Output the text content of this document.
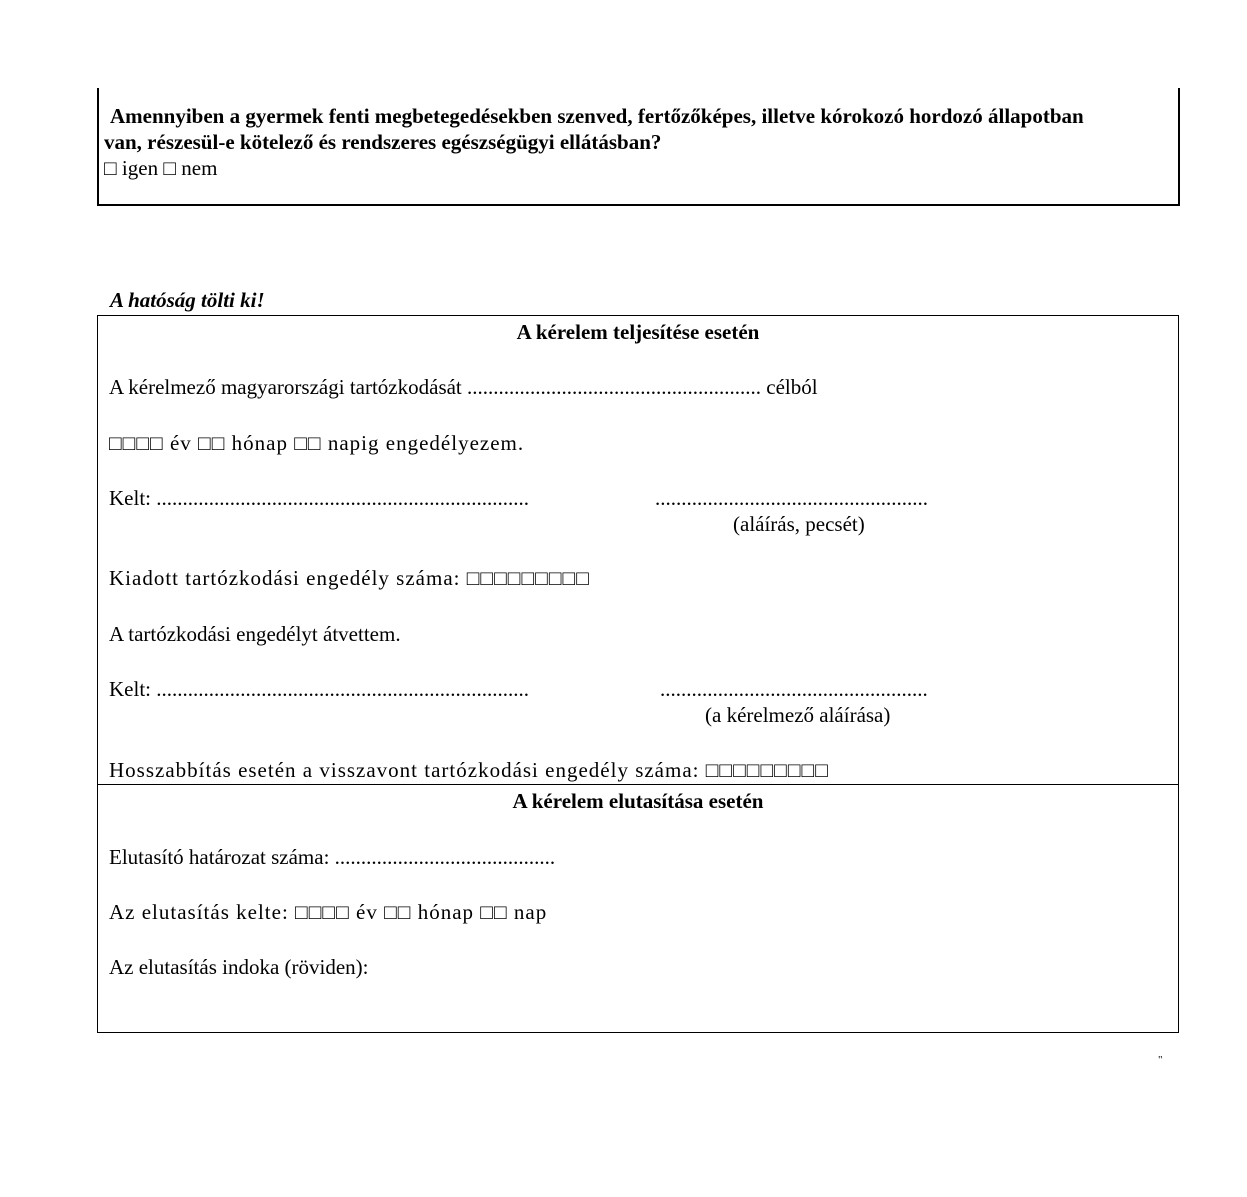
Amennyiben a gyermek fenti megbetegedésekben szenved, fertőzőképes, illetve kórokozó hordozó állapotban
van, részesül-e kötelező és rendszeres egészségügyi ellátásban?
□ igen □ nem
A hatóság tölti ki!
A kérelem teljesítése esetén
A kérelmező magyarországi tartózkodását ........................................................ célból
□□□□ év □□ hónap □□ napig engedélyezem.
Kelt: .......................................................................	....................................................
(aláírás, pecsét)
Kiadott tartózkodási engedély száma: □□□□□□□□□
A tartózkodási engedélyt átvettem.
Kelt: .......................................................................	...................................................
(a kérelmező aláírása)
Hosszabbítás esetén a visszavont tartózkodási engedély száma: □□□□□□□□□
A kérelem elutasítása esetén
Elutasító határozat száma: ..........................................
Az elutasítás kelte: □□□□ év □□ hónap □□ nap
Az elutasítás indoka (röviden):
"
